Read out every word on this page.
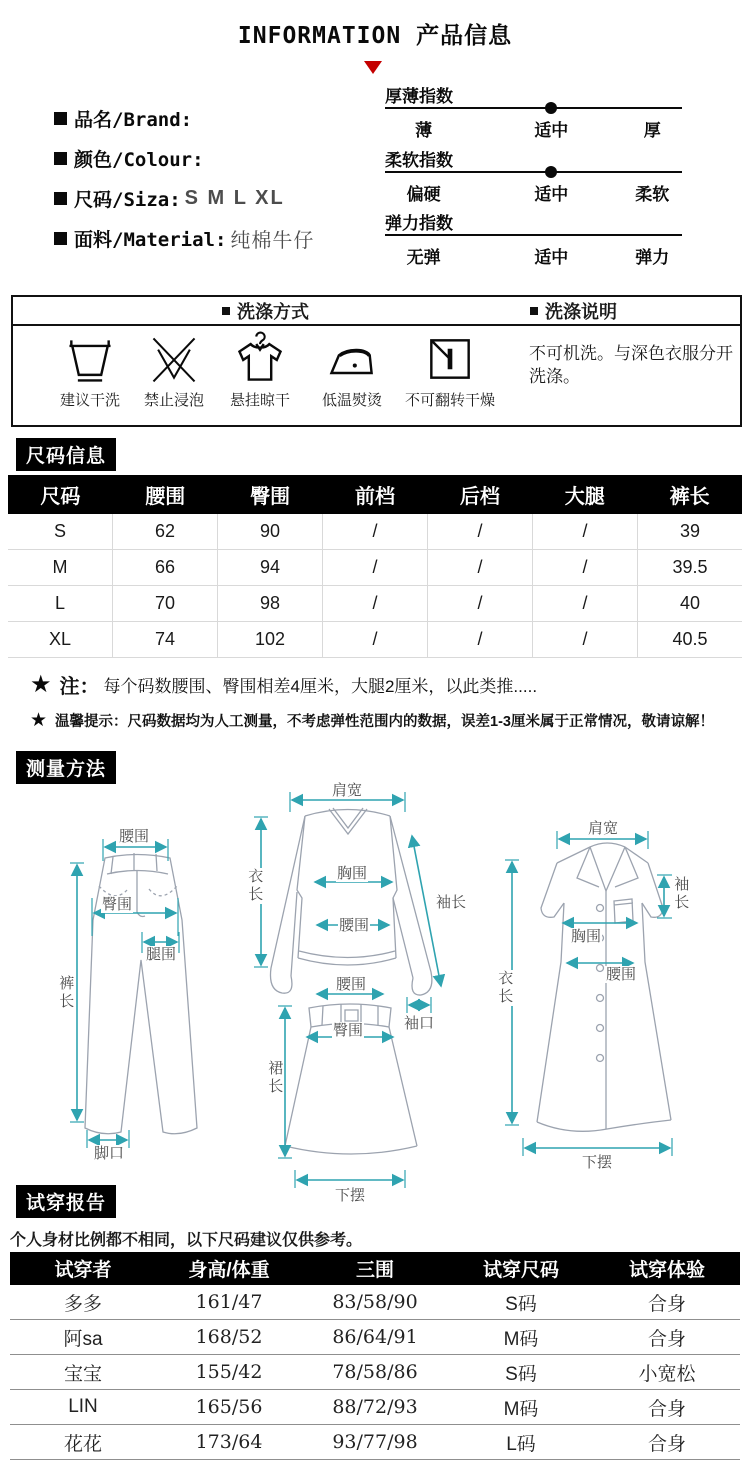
INFORMATION 产品信息
品名/Brand:
颜色/Colour:
尺码/Siza: S M L XL
面料/Material: 纯棉牛仔
厚薄指数
薄	适中	厚
柔软指数
偏硬	适中	柔软
弹力指数
无弹	适中	弹力
洗涤方式	洗涤说明
建议干洗	禁止浸泡	悬挂晾干	低温熨烫	不可翻转干燥
不可机洗。与深色衣服分开洗涤。
尺码信息
尺码	腰围	臀围	前档	后档	大腿	裤长
S	62	90	/	/	/	39
M	66	94	/	/	/	39.5
L	70	98	/	/	/	40
XL	74	102	/	/	/	40.5
★ 注： 每个码数腰围、臀围相差4厘米，大腿2厘米，以此类推.....
★ 温馨提示：尺码数据均为人工测量，不考虑弹性范围内的数据，误差1-3厘米属于正常情况，敬请谅解！
测量方法
腰围
臀围
腿围
裤长
脚口
肩宽
衣长	胸围
腰围
袖长
袖口
腰围
臀围
裙长
下摆
肩宽
袖长
胸围
腰围
衣长
下摆
试穿报告
个人身材比例都不相同，以下尺码建议仅供参考。
试穿者	身高/体重	三围	试穿尺码	试穿体验
多多	161/47	83/58/90	S码	合身
阿sa	168/52	86/64/91	M码	合身
宝宝	155/42	78/58/86	S码	小宽松
LIN	165/56	88/72/93	M码	合身
花花	173/64	93/77/98	L码	合身
